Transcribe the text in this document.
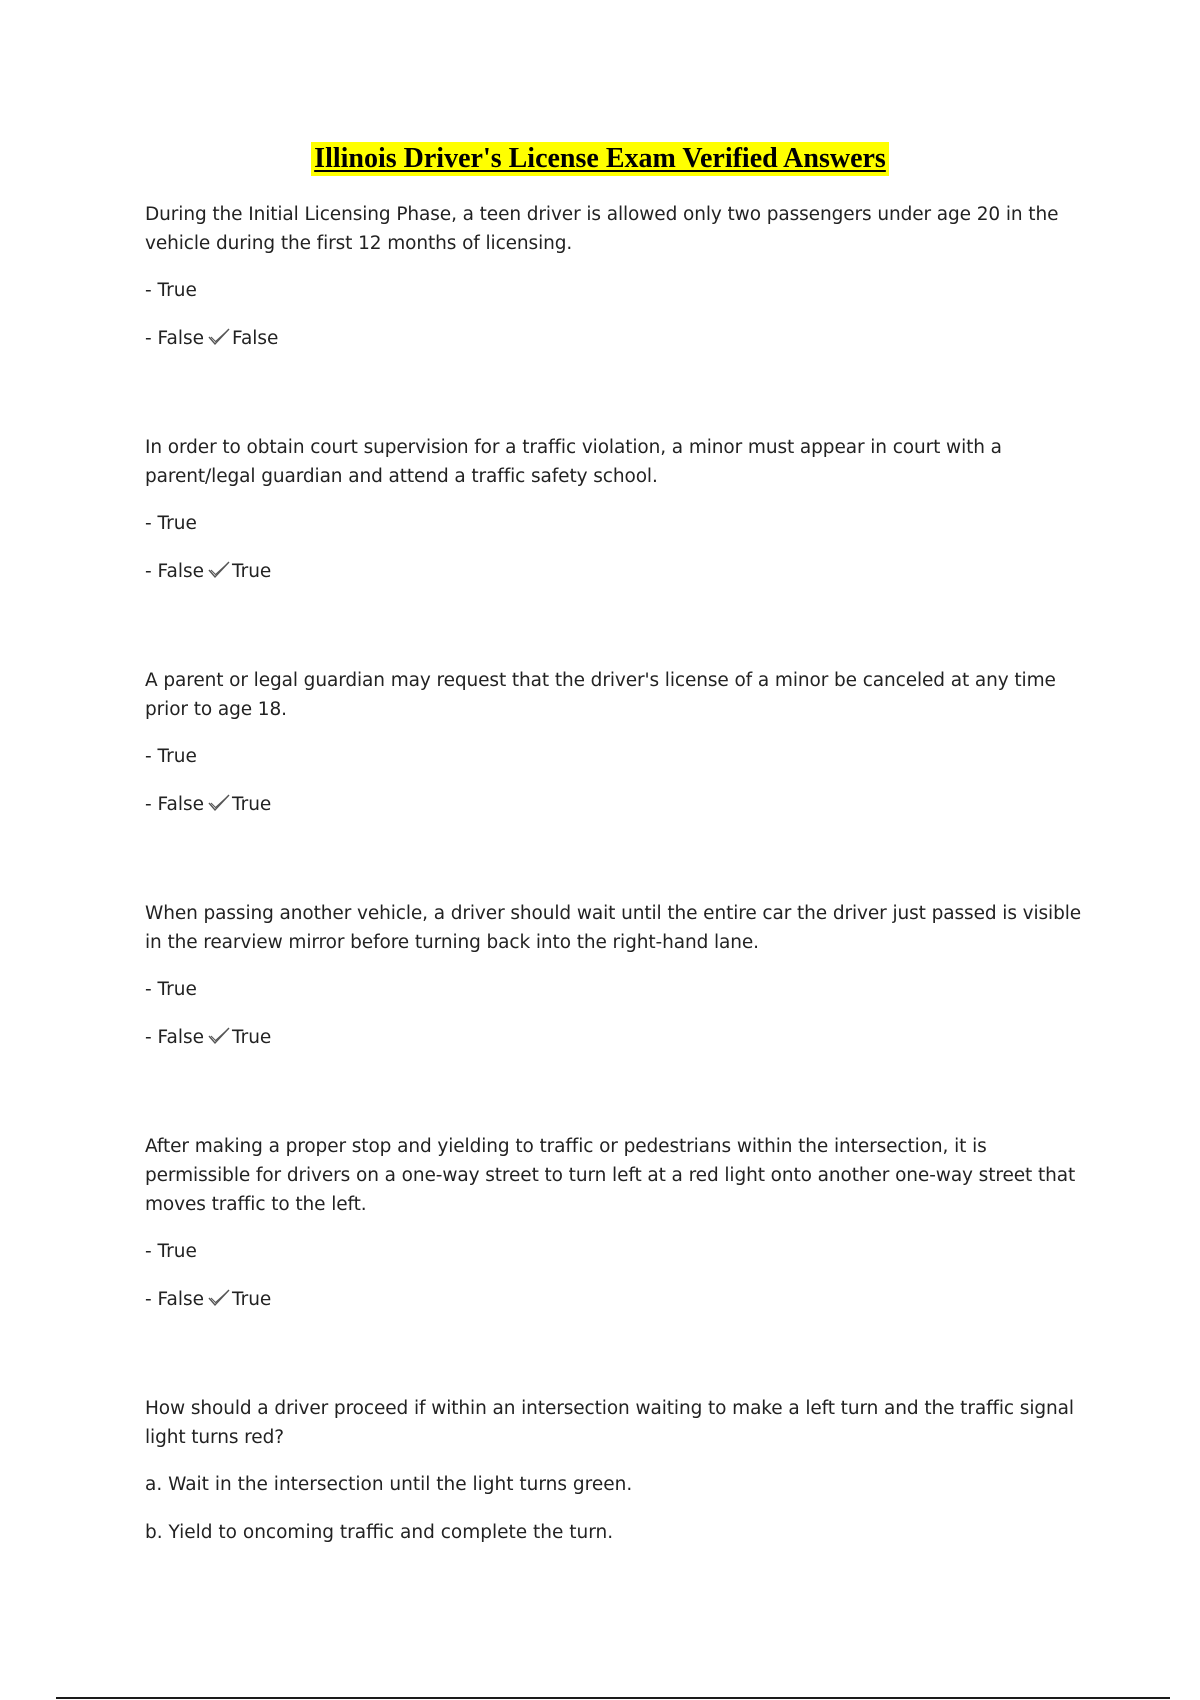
Illinois Driver's License Exam Verified Answers

During the Initial Licensing Phase, a teen driver is allowed only two passengers under age 20 in the vehicle during the first 12 months of licensing.

- True

- False False

In order to obtain court supervision for a traffic violation, a minor must appear in court with a parent/legal guardian and attend a traffic safety school.

- True

- False True

A parent or legal guardian may request that the driver's license of a minor be canceled at any time prior to age 18.

- True

- False True

When passing another vehicle, a driver should wait until the entire car the driver just passed is visible in the rearview mirror before turning back into the right-hand lane.

- True

- False True

After making a proper stop and yielding to traffic or pedestrians within the intersection, it is permissible for drivers on a one-way street to turn left at a red light onto another one-way street that moves traffic to the left.

- True

- False True

How should a driver proceed if within an intersection waiting to make a left turn and the traffic signal light turns red?

a. Wait in the intersection until the light turns green.

b. Yield to oncoming traffic and complete the turn.
